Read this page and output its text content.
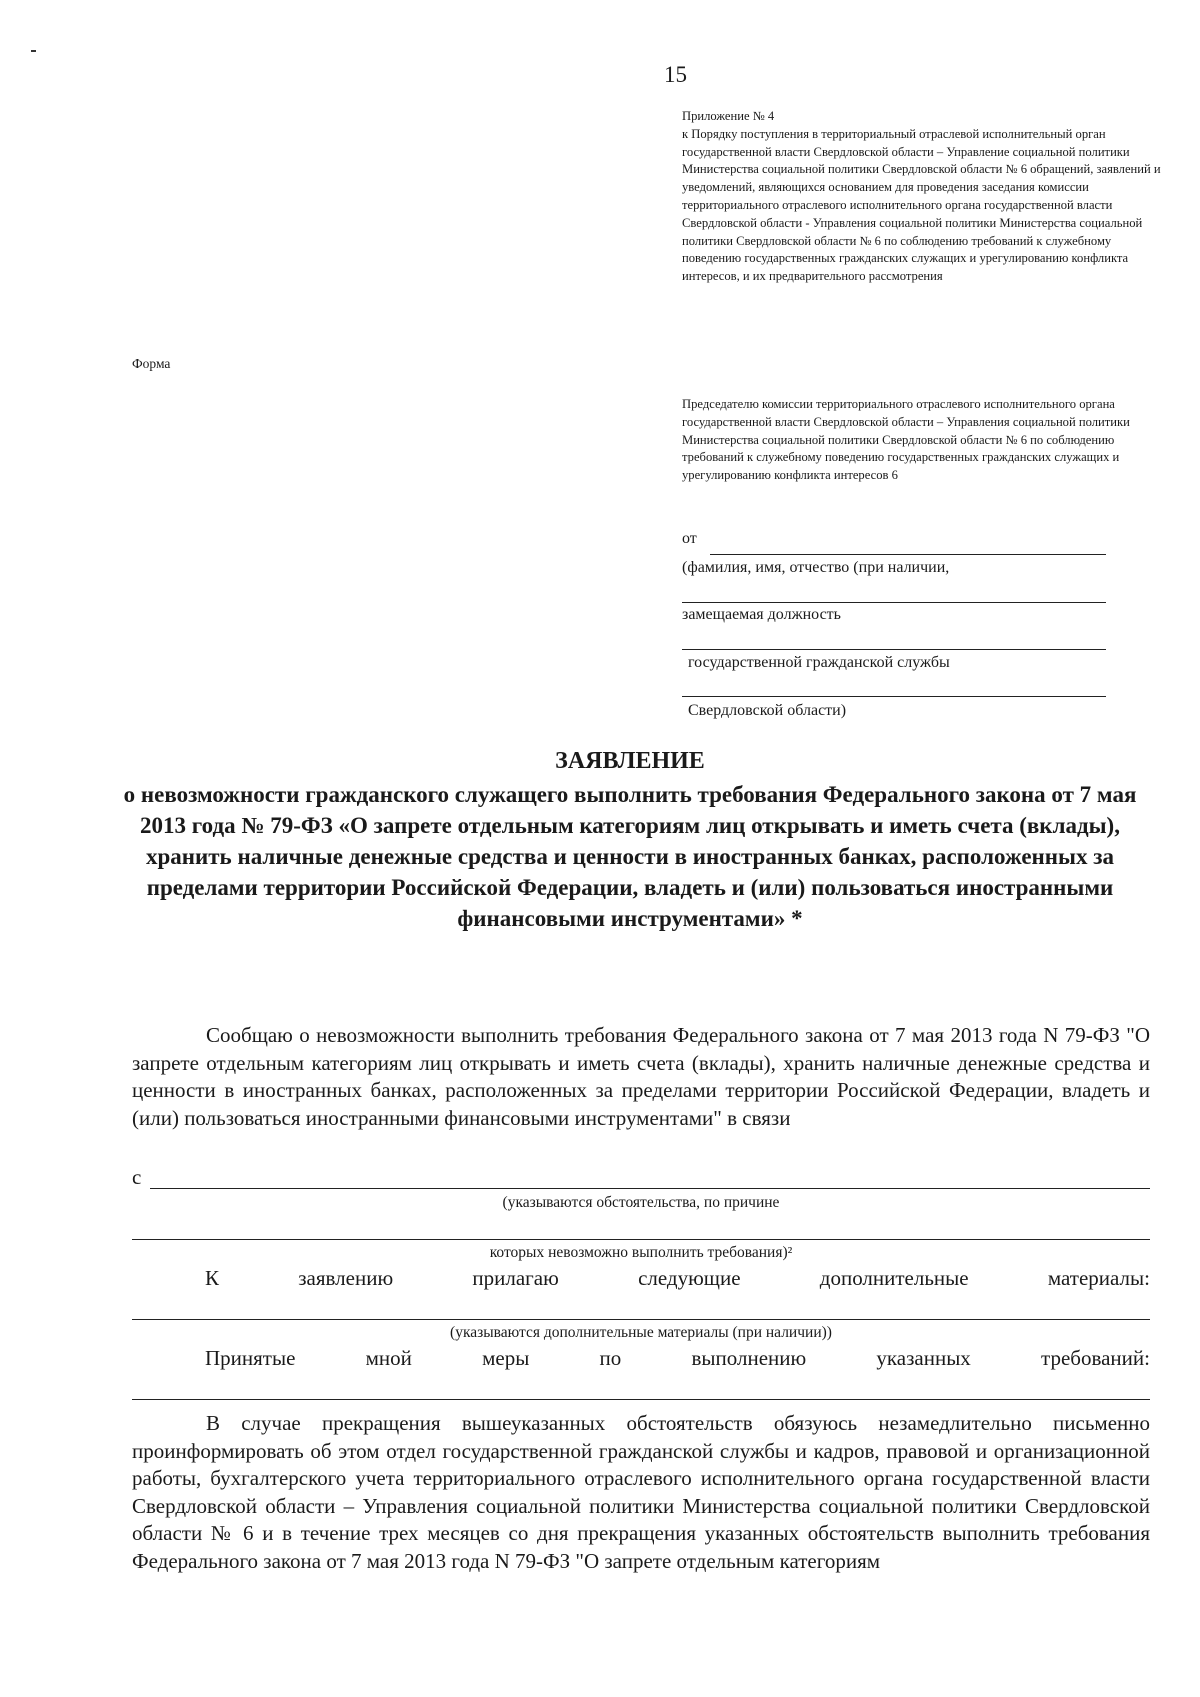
15
Приложение № 4
к Порядку поступления в территориальный отраслевой исполнительный орган государственной власти Свердловской области – Управление социальной политики Министерства социальной политики Свердловской области № 6 обращений, заявлений и уведомлений, являющихся основанием для проведения заседания комиссии территориального отраслевого исполнительного органа государственной власти Свердловской области - Управления социальной политики Министерства социальной политики Свердловской области № 6 по соблюдению требований к служебному поведению государственных гражданских служащих и урегулированию конфликта интересов, и их предварительного рассмотрения
Форма
Председателю комиссии территориального отраслевого исполнительного органа государственной власти Свердловской области – Управления социальной политики Министерства социальной политики Свердловской области № 6 по соблюдению требований к служебному поведению государственных гражданских служащих и урегулированию конфликта интересов 6
от
(фамилия, имя, отчество (при наличии,
замещаемая должность
государственной гражданской службы
Свердловской области)
ЗАЯВЛЕНИЕ
о невозможности гражданского служащего выполнить требования Федерального закона от 7 мая 2013 года № 79-ФЗ «О запрете отдельным категориям лиц открывать и иметь счета (вклады), хранить наличные денежные средства и ценности в иностранных банках, расположенных за пределами территории Российской Федерации, владеть и (или) пользоваться иностранными финансовыми инструментами» *
Сообщаю о невозможности выполнить требования Федерального закона от 7 мая 2013 года N 79-ФЗ "О запрете отдельным категориям лиц открывать и иметь счета (вклады), хранить наличные денежные средства и ценности в иностранных банках, расположенных за пределами территории Российской Федерации, владеть и (или) пользоваться иностранными финансовыми инструментами" в связи
с
(указываются обстоятельства, по причине
которых невозможно выполнить требования)²
К	заявлению	прилагаю	следующие	дополнительные	материалы:
(указываются дополнительные материалы (при наличии))
Принятые	мной	меры	по	выполнению	указанных	требований:
В случае прекращения вышеуказанных обстоятельств обязуюсь незамедлительно письменно проинформировать об этом отдел государственной гражданской службы и кадров, правовой и организационной работы, бухгалтерского учета территориального отраслевого исполнительного органа государственной власти Свердловской области – Управления социальной политики Министерства социальной политики Свердловской области № 6 и в течение трех месяцев со дня прекращения указанных обстоятельств выполнить требования Федерального закона от 7 мая 2013 года N 79-ФЗ "О запрете отдельным категориям
